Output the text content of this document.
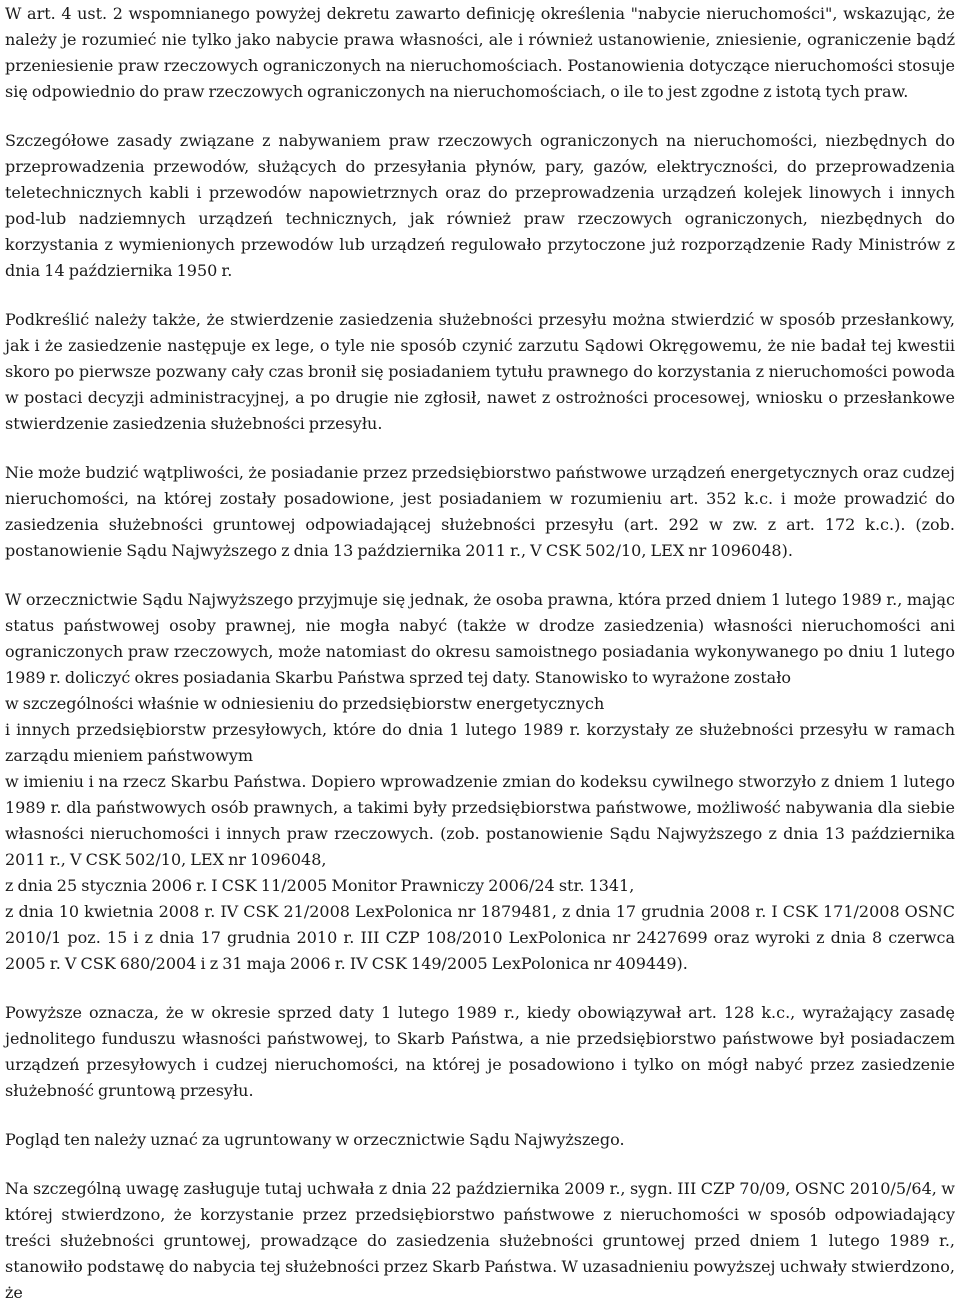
W art. 4 ust. 2 wspomnianego powyżej dekretu zawarto definicję określenia "nabycie nieruchomości", wskazując, że należy je rozumieć nie tylko jako nabycie prawa własności, ale i również ustanowienie, zniesienie, ograniczenie bądź przeniesienie praw rzeczowych ograniczonych na nieruchomościach. Postanowienia dotyczące nieruchomości stosuje się odpowiednio do praw rzeczowych ograniczonych na nieruchomościach, o ile to jest zgodne z istotą tych praw.

Szczegółowe zasady związane z nabywaniem praw rzeczowych ograniczonych na nieruchomości, niezbędnych do przeprowadzenia przewodów, służących do przesyłania płynów, pary, gazów, elektryczności, do przeprowadzenia teletechnicznych kabli i przewodów napowietrznych oraz do przeprowadzenia urządzeń kolejek linowych i innych pod-lub nadziemnych urządzeń technicznych, jak również praw rzeczowych ograniczonych, niezbędnych do korzystania z wymienionych przewodów lub urządzeń regulowało przytoczone już rozporządzenie Rady Ministrów z dnia 14 października 1950 r.

Podkreślić należy także, że stwierdzenie zasiedzenia służebności przesyłu można stwierdzić w sposób przesłankowy, jak i że zasiedzenie następuje ex lege, o tyle nie sposób czynić zarzutu Sądowi Okręgowemu, że nie badał tej kwestii skoro po pierwsze pozwany cały czas bronił się posiadaniem tytułu prawnego do korzystania z nieruchomości powoda w postaci decyzji administracyjnej, a po drugie nie zgłosił, nawet z ostrożności procesowej, wniosku o przesłankowe stwierdzenie zasiedzenia służebności przesyłu.

Nie może budzić wątpliwości, że posiadanie przez przedsiębiorstwo państwowe urządzeń energetycznych oraz cudzej nieruchomości, na której zostały posadowione, jest posiadaniem w rozumieniu art. 352 k.c. i może prowadzić do zasiedzenia służebności gruntowej odpowiadającej służebności przesyłu (art. 292 w zw. z art. 172 k.c.). (zob. postanowienie Sądu Najwyższego z dnia 13 października 2011 r., V CSK 502/10, LEX nr 1096048).

W orzecznictwie Sądu Najwyższego przyjmuje się jednak, że osoba prawna, która przed dniem 1 lutego 1989 r., mając status państwowej osoby prawnej, nie mogła nabyć (także w drodze zasiedzenia) własności nieruchomości ani ograniczonych praw rzeczowych, może natomiast do okresu samoistnego posiadania wykonywanego po dniu 1 lutego 1989 r. doliczyć okres posiadania Skarbu Państwa sprzed tej daty. Stanowisko to wyrażone zostało
w szczególności właśnie w odniesieniu do przedsiębiorstw energetycznych
i innych przedsiębiorstw przesyłowych, które do dnia 1 lutego 1989 r. korzystały ze służebności przesyłu w ramach zarządu mieniem państwowym
w imieniu i na rzecz Skarbu Państwa. Dopiero wprowadzenie zmian do kodeksu cywilnego stworzyło z dniem 1 lutego 1989 r. dla państwowych osób prawnych, a takimi były przedsiębiorstwa państwowe, możliwość nabywania dla siebie własności nieruchomości i innych praw rzeczowych. (zob. postanowienie Sądu Najwyższego z dnia 13 października 2011 r., V CSK 502/10, LEX nr 1096048,
z dnia 25 stycznia 2006 r. I CSK 11/2005 Monitor Prawniczy 2006/24 str. 1341,
z dnia 10 kwietnia 2008 r. IV CSK 21/2008 LexPolonica nr 1879481, z dnia 17 grudnia 2008 r. I CSK 171/2008 OSNC 2010/1 poz. 15 i z dnia 17 grudnia 2010 r. III CZP 108/2010 LexPolonica nr 2427699 oraz wyroki z dnia 8 czerwca 2005 r. V CSK 680/2004 i z 31 maja 2006 r. IV CSK 149/2005 LexPolonica nr 409449).

Powyższe oznacza, że w okresie sprzed daty 1 lutego 1989 r., kiedy obowiązywał art. 128 k.c., wyrażający zasadę jednolitego funduszu własności państwowej, to Skarb Państwa, a nie przedsiębiorstwo państwowe był posiadaczem urządzeń przesyłowych i cudzej nieruchomości, na której je posadowiono i tylko on mógł nabyć przez zasiedzenie służebność gruntową przesyłu.

Pogląd ten należy uznać za ugruntowany w orzecznictwie Sądu Najwyższego.

Na szczególną uwagę zasługuje tutaj uchwała z dnia 22 października 2009 r., sygn. III CZP 70/09, OSNC 2010/5/64, w której stwierdzono, że korzystanie przez przedsiębiorstwo państwowe z nieruchomości w sposób odpowiadający treści służebności gruntowej, prowadzące do zasiedzenia służebności gruntowej przed dniem 1 lutego 1989 r., stanowiło podstawę do nabycia tej służebności przez Skarb Państwa. W uzasadnieniu powyższej uchwały stwierdzono, że
